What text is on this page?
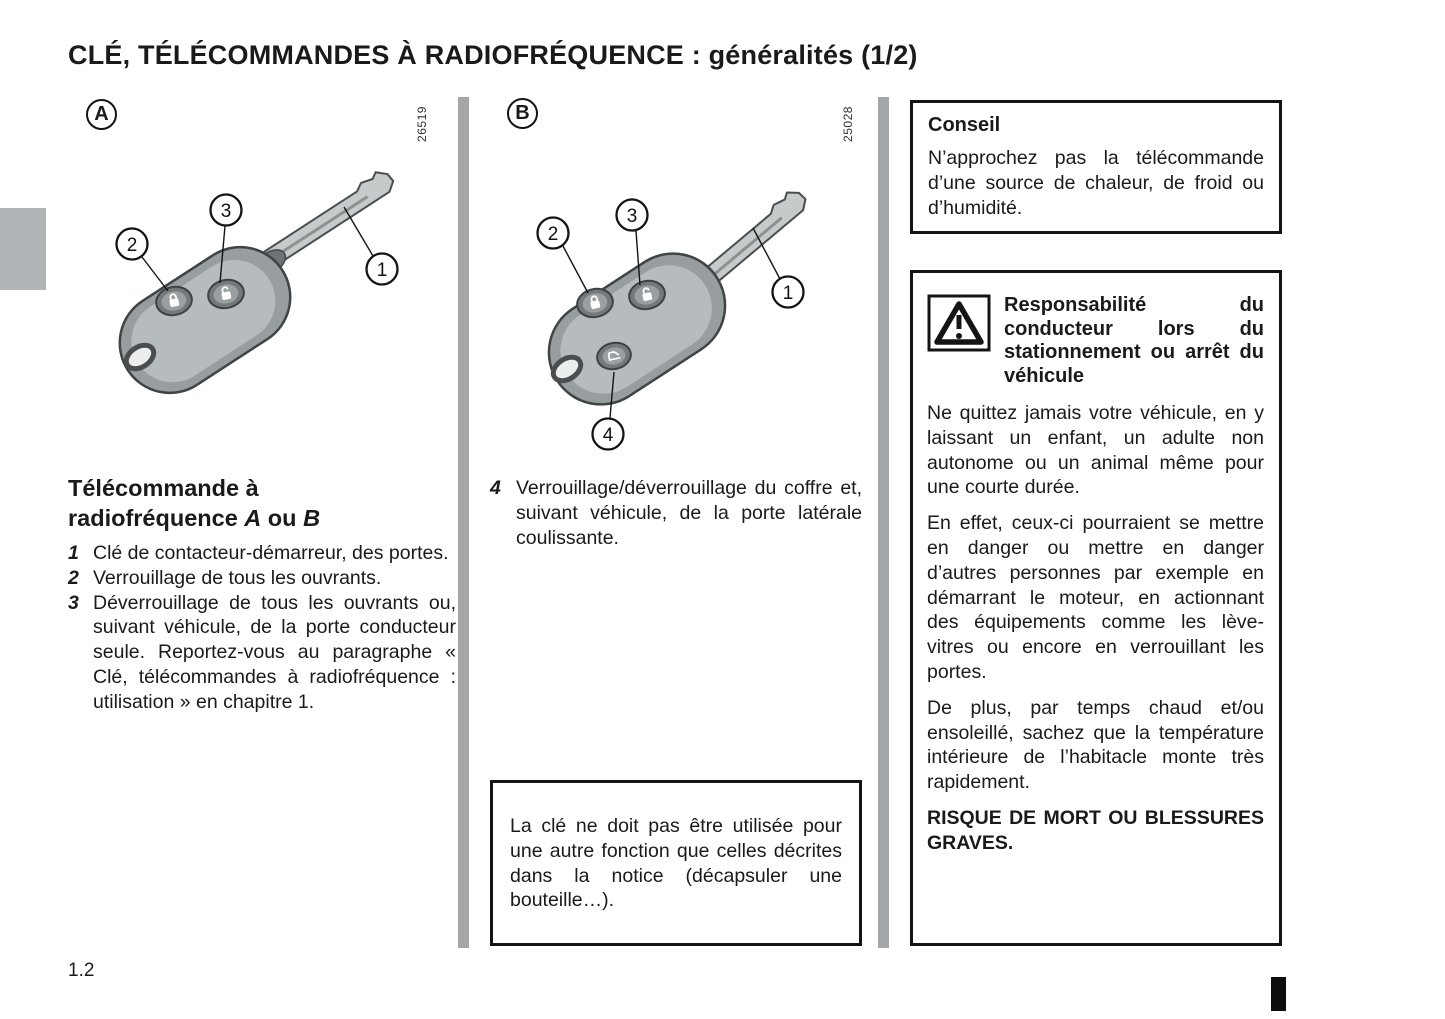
CLÉ, TÉLÉCOMMANDES À RADIOFRÉQUENCE : généralités (1/2)
A	26519
2
3
1
B	25028
2
3
1
4
Télécommande à
radiofréquence A ou B
1 Clé de contacteur-démarreur, des portes.
2 Verrouillage de tous les ouvrants.
3 Déverrouillage de tous les ouvrants ou, suivant véhicule, de la porte conducteur seule. Reportez-vous au paragraphe « Clé, télécommandes à radiofréquence : utilisation » en chapitre 1.
4 Verrouillage/déverrouillage du coffre et, suivant véhicule, de la porte latérale coulissante.

La clé ne doit pas être utilisée pour une autre fonction que celles décrites dans la notice (décapsuler une bouteille…).

Conseil

N’approchez pas la télécommande d’une source de chaleur, de froid ou d’humidité.

Responsabilité du conducteur lors du stationnement ou arrêt du véhicule

Ne quittez jamais votre véhicule, en y laissant un enfant, un adulte non autonome ou un animal même pour une courte durée.

En effet, ceux-ci pourraient se mettre en danger ou mettre en danger d’autres personnes par exemple en démarrant le moteur, en actionnant des équipements comme les lève-vitres ou encore en verrouillant les portes.

De plus, par temps chaud et/ou ensoleillé, sachez que la température intérieure de l’habitacle monte très rapidement.

RISQUE DE MORT OU BLESSURES GRAVES.
1.2
